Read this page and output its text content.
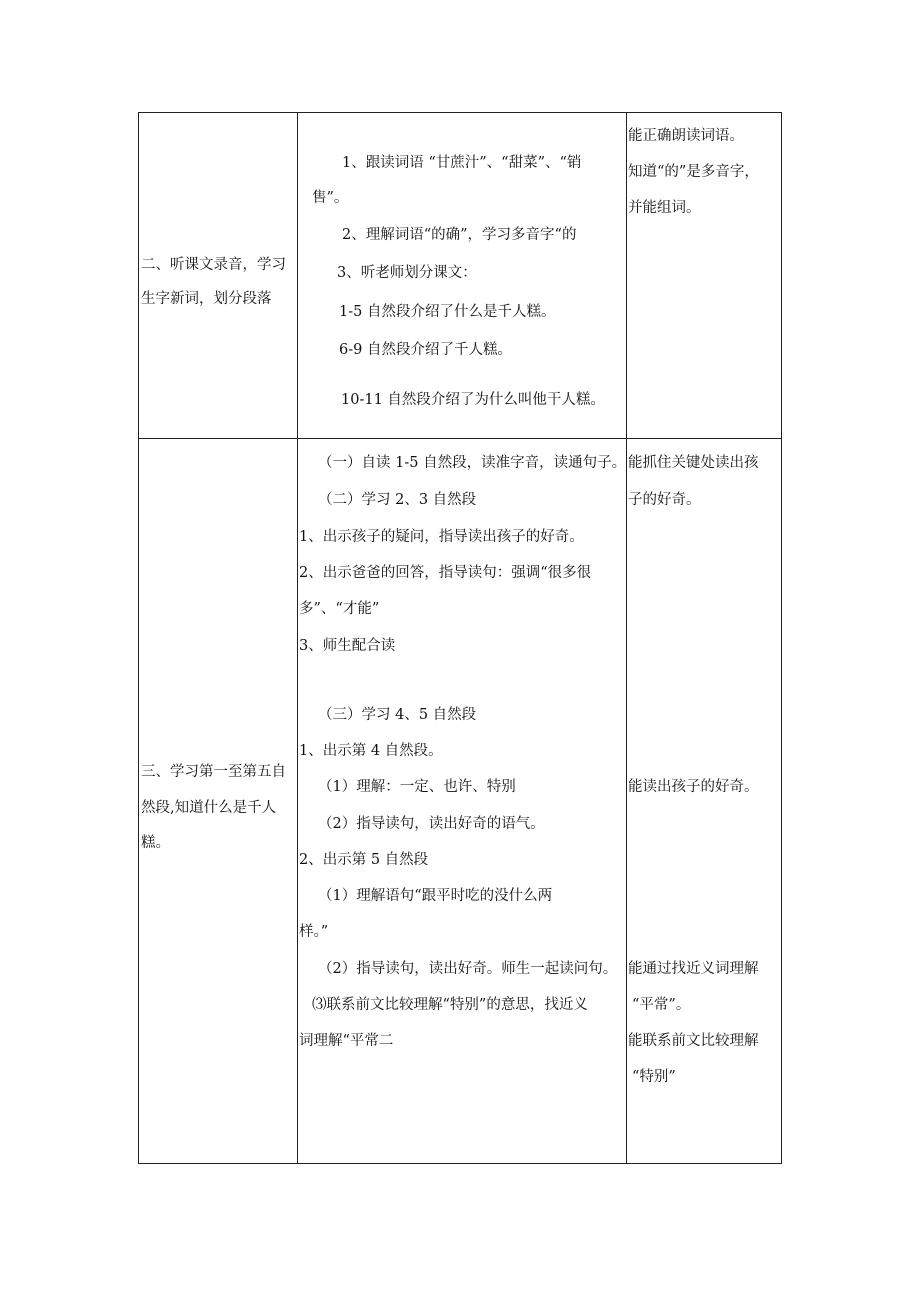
二、听课文录音，学习
生字新词，划分段落
1、跟读词语 “甘蔗汁”、“甜菜”、“销
售”。
2、理解词语“的确”，学习多音字“的
3、听老师划分课文：
1-5 自然段介绍了什么是千人糕。
6-9 自然段介绍了千人糕。
10-11 自然段介绍了为什么叫他干人糕。
能正确朗读词语。
知道“的”是多音字，
并能组词。
三、学习第一至第五自
然段,知道什么是千人
糕。
（一）自读 1-5 自然段，读准字音，读通句子。
（二）学习 2、3 自然段
1、出示孩子的疑问，指导读出孩子的好奇。
2、出示爸爸的回答，指导读句：强调“很多很
多”、“才能”
3、师生配合读
（三）学习 4、5 自然段
1、出示第 4 自然段。
（1）理解：一定、也许、特别
（2）指导读句，读出好奇的语气。
2、出示第 5 自然段
（1）理解语句“跟平时吃的没什么两
样。”
（2）指导读句，读出好奇。师生一起读问句。
⑶联系前文比较理解“特别”的意思，找近义
词理解“平常二
能抓住关键处读出孩
子的好奇。
能读出孩子的好奇。
能通过找近义词理解
“平常”。
能联系前文比较理解
“特别”
